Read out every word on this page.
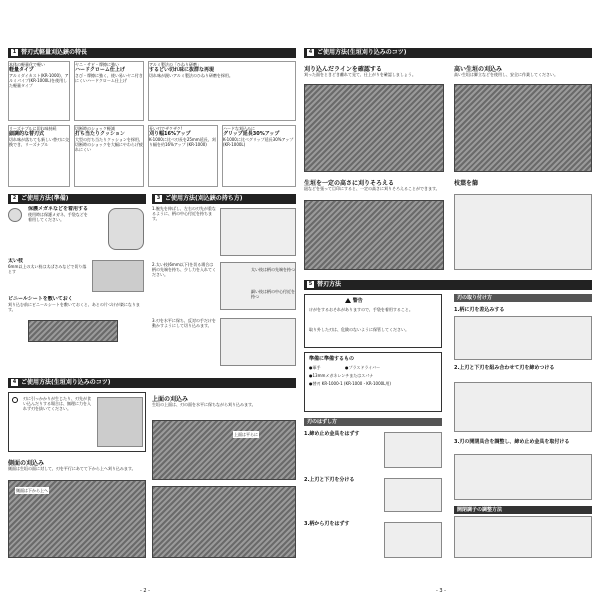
1 替刃式軽量刈込鋏の特長
本体の軽量化で軽い
軽量タイプ
アルミダイカスト(KR-1000)、アルミパイプ(KR-1000L)を使用した軽量タイプ
ヤニ・サビ・摩擦に強い
ハードクローム仕上げ
さび・摩擦に強く、使い易いヤニ付きにくいハードクローム仕上げ
アルミ製法の「ひねり研磨」
するどい切れ味に抜群な再現
切れ味が鋭いアルミ製法のひねり研磨を採用。
リーズナブルに切れ味持続
細調的な替刃式
切れ味が落ちても新しい替刃に交換でき、リーズナブル
切断時のショック軽減
打ち当たりクッション
大型の打ち当たりクッションを採用、切断時のショックを大幅にやわらげ疲れにくい
長い刃でザクザク!
刈り幅16%アップ
K-1000に比べ刃長を25mm延長、刈り幅を約16%アップ (KR-1000)
ハードな刈込みに
グリップ延長30%アップ
K-1000に比べグリップ延長30%アップ (KR-1000L)
2 ご使用方法(準備)
保護メガネなどを着用する
使用時は保護メガネ、手袋などを着用してください。
太い枝
6mm以上の太い枝は太ばさみなどで切り落とす
ビニールシートを敷いておく
刈り込む前にビニールシートを敷いておくと、あとの片づけが楽になります。
3 ご使用方法(刈込鋏の持ち方)
1.腕先を伸ばし、左右の刃先が重なるように、柄の中心付近を持ちます。
2.太い枝(6mm以下)を切る場合は柄の先端を持ち、少し力を入れてください。
太い枝は柄の先端を持つ
細い枝は柄の中心付近を持つ
3.刃を水平に保ち、反対の手だけを動かすようにして切り込みます。
4 ご使用方法(生垣刈り込みのコツ)
刃に引っかかりが生じたり、刃先が食い込んだりする場合は、無理に力を入れず刃を抜いてください。
側面の刈込み
側面は生垣の面に対して、刃を平行にあてて下から上へ刈り込みます。
側面は下から上へ
上面の刈込み
生垣の上面は、刃の面を水平に保ちながら刈り込みます。
上面は平らに
- 2 -
4 ご使用方法(生垣刈り込みのコツ)
刈り込んだラインを確認する
刈った面をときどき離れて見て、仕上がりを確認しましょう。
高い生垣の刈込み
高い生垣は脚立などを使用し、安全に作業してください。
生垣を一定の高さに刈りそろえる
紐などを張って目印にすると、一定の高さに刈りそろえることができます。
枝葉を篩
5 替刃方法
警告
けがをするおそれがありますので、手袋を着用すること。
取り外した刃は、危険のないように保管してください。
準備に準備するもの
●軍手	●プラスドライバー
●13mmメガネレンチまたはスパナ
●替刃 KR-1000-1 (KR-1000・KR-1000L用)
刃のはずし方
1.締め止め金具をはずす
2.上刃と下刃を分ける
3.柄から刃をはずす
刃の取り付け方
1.柄に刃を差込みする
2.上刃と下刃を組み合わせて刃を締めつける
3.刃の開閉具合を調整し、締め止め金具を取付ける
開閉調子の調整方法
- 3 -
